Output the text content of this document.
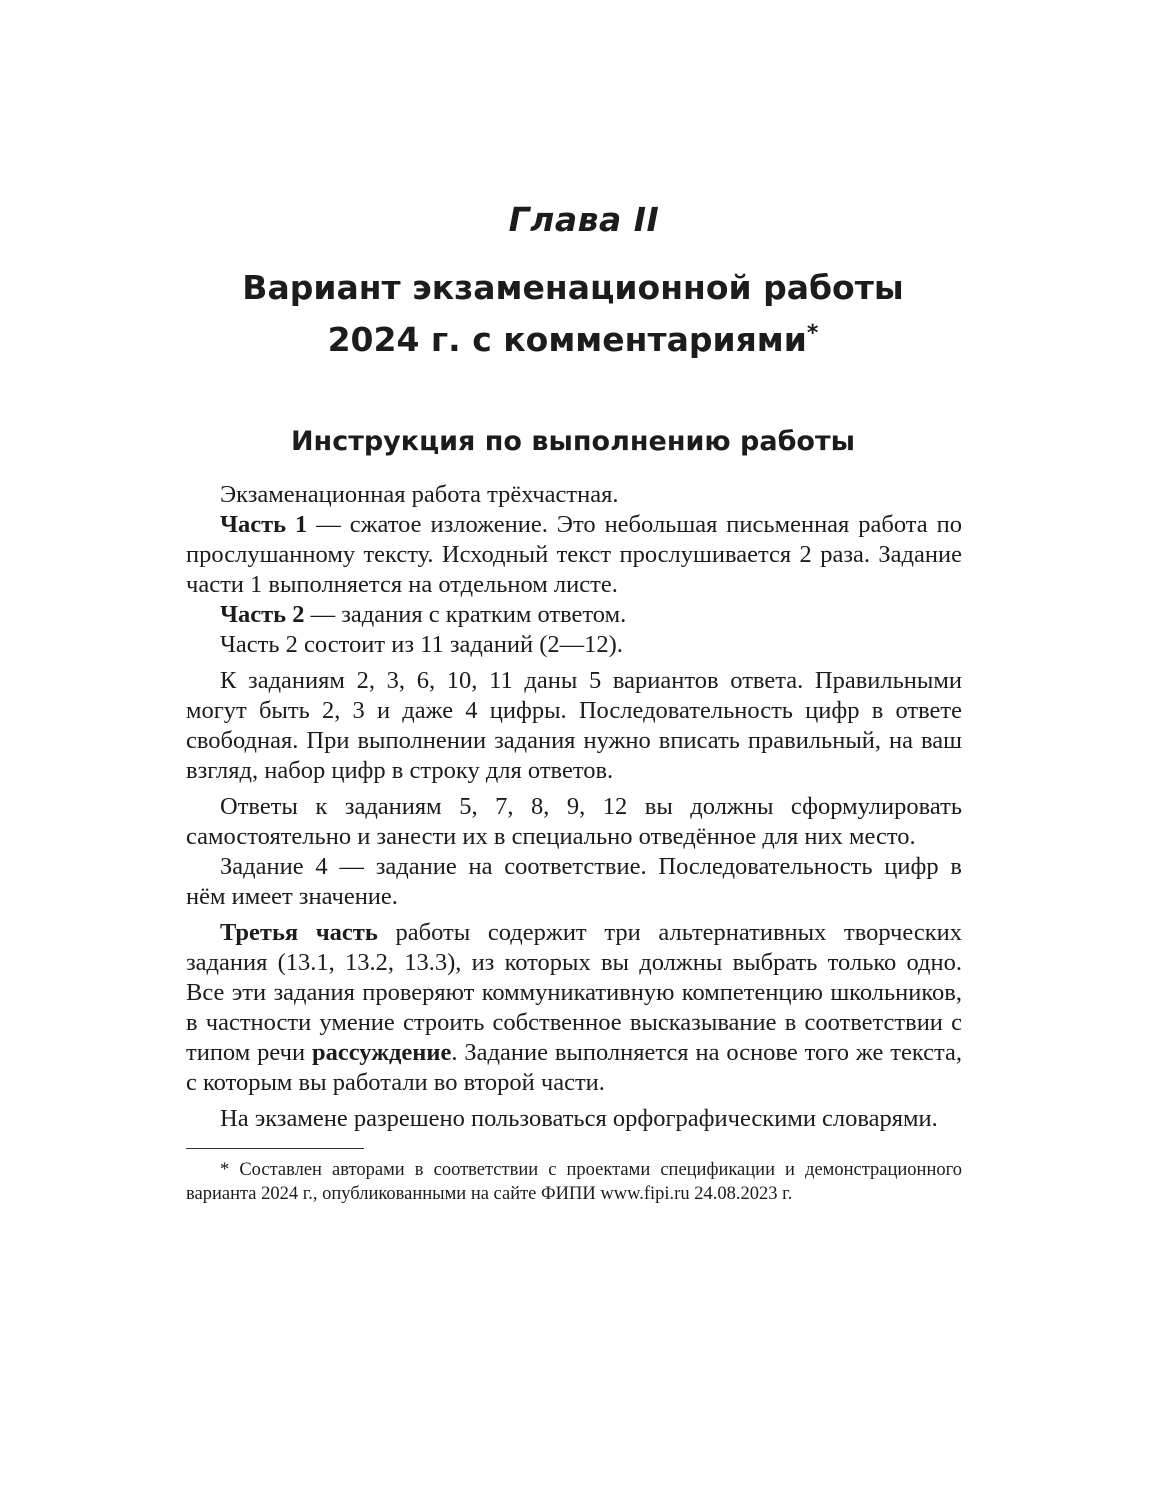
Глава II
Вариант экзаменационной работы
2024 г. с комментариями*
Инструкция по выполнению работы

Экзаменационная работа трёхчастная.

Часть 1 — сжатое изложение. Это небольшая письменная работа по прослушанному тексту. Исходный текст прослушивается 2 раза. Задание части 1 выполняется на отдельном листе.

Часть 2 — задания с кратким ответом.

Часть 2 состоит из 11 заданий (2—12).

К заданиям 2, 3, 6, 10, 11 даны 5 вариантов ответа. Правильными могут быть 2, 3 и даже 4 цифры. Последовательность цифр в ответе свободная. При выполнении задания нужно вписать правильный, на ваш взгляд, набор цифр в строку для ответов.

Ответы к заданиям 5, 7, 8, 9, 12 вы должны сформулировать самостоятельно и занести их в специально отведённое для них место.

Задание 4 — задание на соответствие. Последовательность цифр в нём имеет значение.

Третья часть работы содержит три альтернативных творческих задания (13.1, 13.2, 13.3), из которых вы должны выбрать только одно. Все эти задания проверяют коммуникативную компетенцию школьников, в частности умение строить собственное высказывание в соответствии с типом речи рассуждение. Задание выполняется на основе того же текста, с которым вы работали во второй части.

На экзамене разрешено пользоваться орфографическими словарями.

* Составлен авторами в соответствии с проектами спецификации и демонстрационного варианта 2024 г., опубликованными на сайте ФИПИ www.fipi.ru 24.08.2023 г.
